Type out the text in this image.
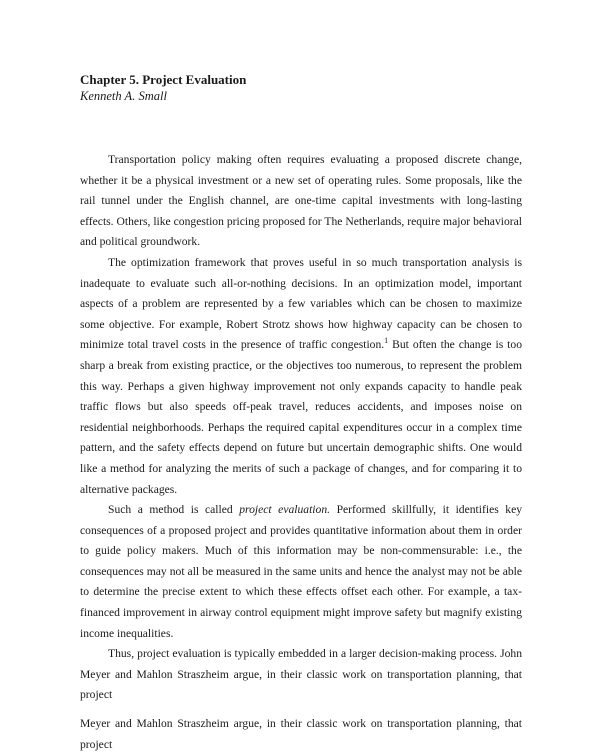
Chapter 5. Project Evaluation
Kenneth A. Small

Transportation policy making often requires evaluating a proposed discrete change, whether it be a physical investment or a new set of operating rules. Some proposals, like the rail tunnel under the English channel, are one-time capital investments with long-lasting effects. Others, like congestion pricing proposed for The Netherlands, require major behavioral and political groundwork.

The optimization framework that proves useful in so much transportation analysis is inadequate to evaluate such all-or-nothing decisions. In an optimization model, important aspects of a problem are represented by a few variables which can be chosen to maximize some objective. For example, Robert Strotz shows how highway capacity can be chosen to minimize total travel costs in the presence of traffic congestion.$^1$ But often the change is too sharp a break from existing practice, or the objectives too numerous, to represent the problem this way. Perhaps a given highway improvement not only expands capacity to handle peak traffic flows but also speeds off-peak travel, reduces accidents, and imposes noise on residential neighborhoods. Perhaps the required capital expenditures occur in a complex time pattern, and the safety effects depend on future but uncertain demographic shifts. One would like a method for analyzing the merits of such a package of changes, and for comparing it to alternative packages.

Such a method is called project evaluation. Performed skillfully, it identifies key consequences of a proposed project and provides quantitative information about them in order to guide policy makers. Much of this information may be non-commensurable: i.e., the consequences may not all be measured in the same units and hence the analyst may not be able to determine the precise extent to which these effects offset each other. For example, a tax-financed improvement in airway control equipment might improve safety but magnify existing income inequalities.

Thus, project evaluation is typically embedded in a larger decision-making process. John Meyer and Mahlon Straszheim argue, in their classic work on transportation planning, that project

Meyer and Mahlon Straszheim argue, in their classic work on transportation planning, that project
